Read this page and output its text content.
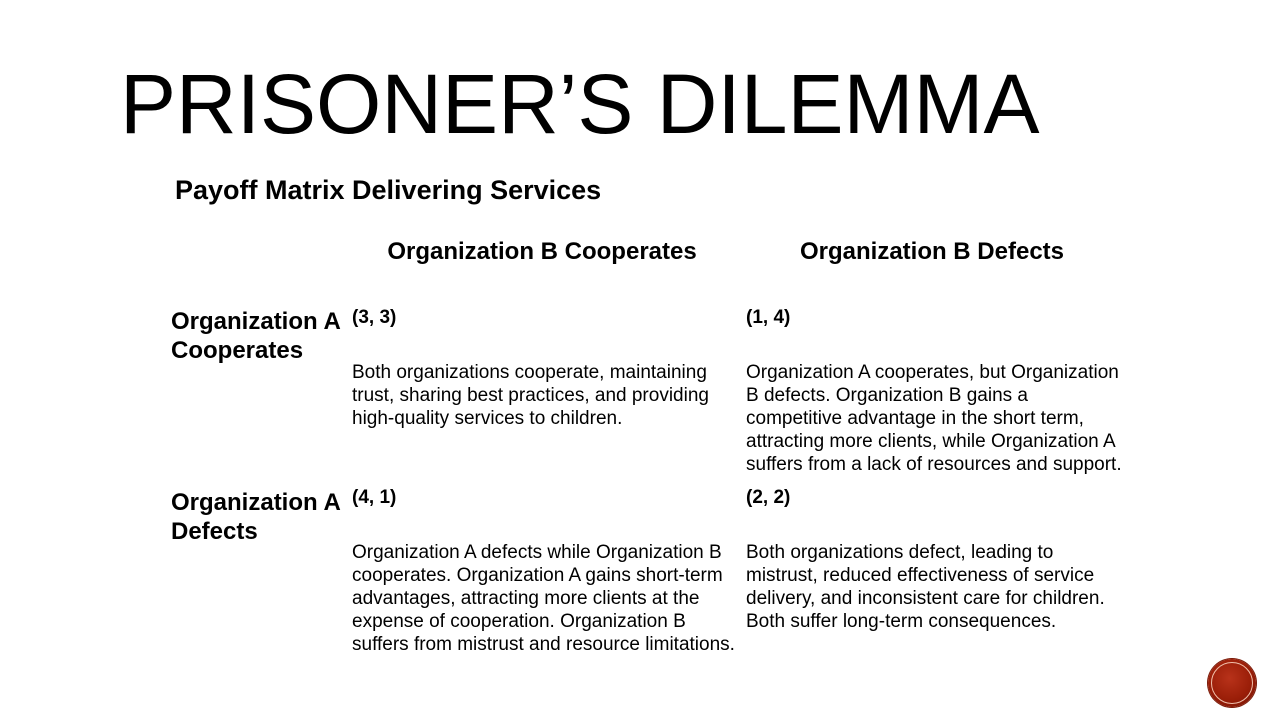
PRISONER’S DILEMMA
Payoff Matrix Delivering Services
Organization B Cooperates	Organization B Defects
Organization A Cooperates
Organization A Defects
(3, 3)
Both organizations cooperate, maintaining trust, sharing best practices, and providing high-quality services to children.
(1, 4)
Organization A cooperates, but Organization B defects. Organization B gains a competitive advantage in the short term, attracting more clients, while Organization A suffers from a lack of resources and support.
(4, 1)
Organization A defects while Organization B cooperates. Organization A gains short-term advantages, attracting more clients at the expense of cooperation. Organization B suffers from mistrust and resource limitations.
(2, 2)
Both organizations defect, leading to mistrust, reduced effectiveness of service delivery, and inconsistent care for children. Both suffer long-term consequences.
